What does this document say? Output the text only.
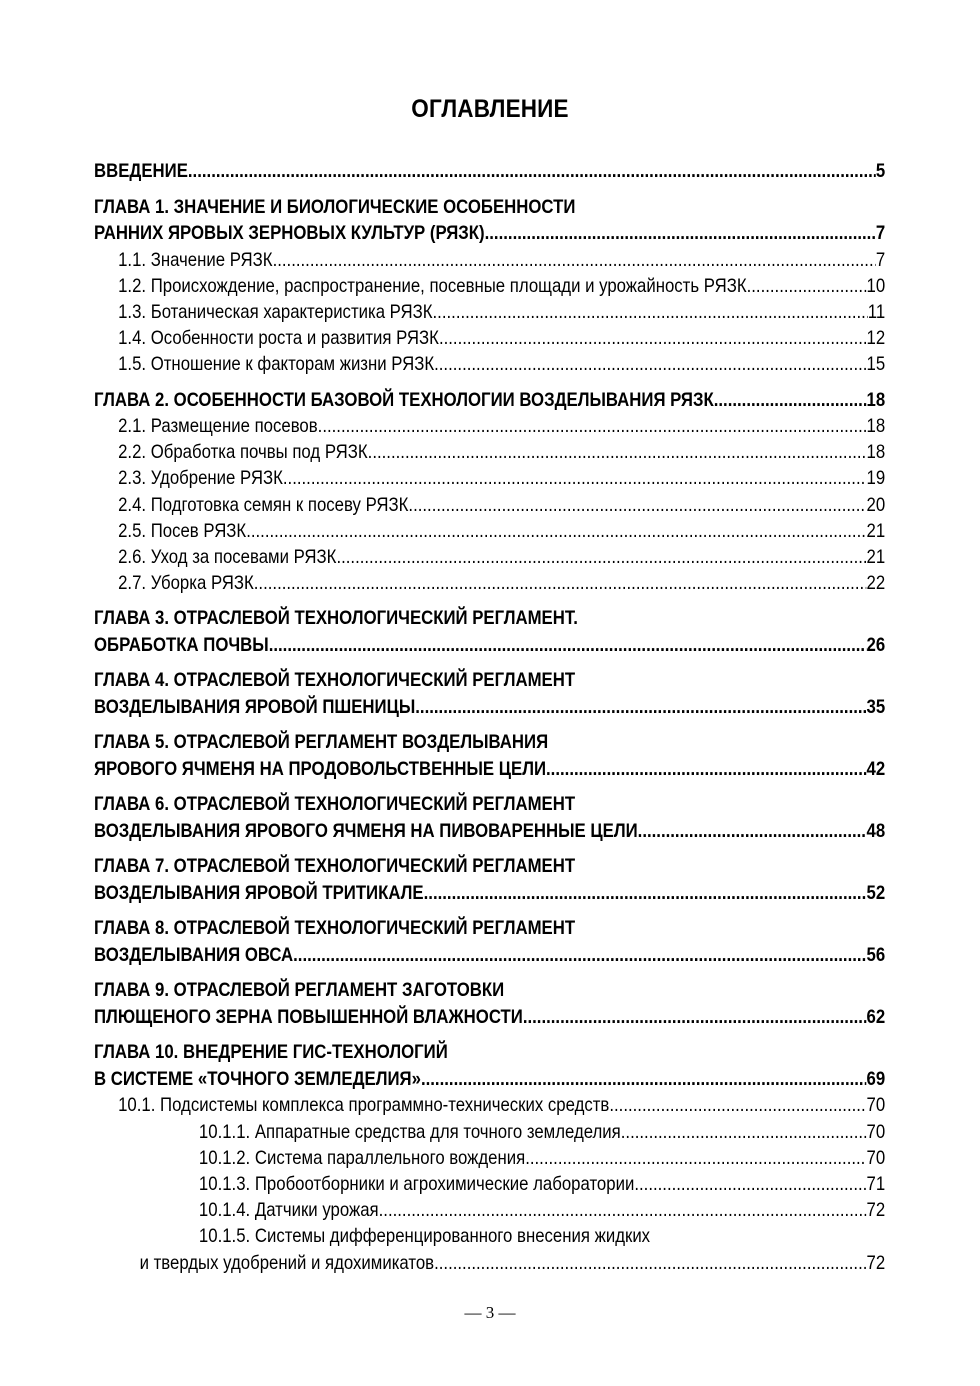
ОГЛАВЛЕНИЕ
ВВЕДЕНИЕ .....	5
ГЛАВА 1. ЗНАЧЕНИЕ И БИОЛОГИЧЕСКИЕ ОСОБЕННОСТИ
РАННИХ ЯРОВЫХ ЗЕРНОВЫХ КУЛЬТУР (РЯЗК) .....	7
1.1. Значение РЯЗК .....	7
1.2. Происхождение, распространение, посевные площади и урожайность РЯЗК .....	10
1.3. Ботаническая характеристика РЯЗК .....	11
1.4. Особенности роста и развития РЯЗК .....	12
1.5. Отношение к факторам жизни РЯЗК .....	15
ГЛАВА 2. ОСОБЕННОСТИ БАЗОВОЙ ТЕХНОЛОГИИ ВОЗДЕЛЫВАНИЯ РЯЗК .....	18
2.1. Размещение посевов .....	18
2.2. Обработка почвы под РЯЗК .....	18
2.3. Удобрение РЯЗК .....	19
2.4. Подготовка семян к посеву РЯЗК .....	20
2.5. Посев РЯЗК .....	21
2.6. Уход за посевами РЯЗК .....	21
2.7. Уборка РЯЗК .....	22
ГЛАВА 3. ОТРАСЛЕВОЙ ТЕХНОЛОГИЧЕСКИЙ РЕГЛАМЕНТ.
ОБРАБОТКА ПОЧВЫ .....	26
ГЛАВА 4. ОТРАСЛЕВОЙ ТЕХНОЛОГИЧЕСКИЙ РЕГЛАМЕНТ
ВОЗДЕЛЫВАНИЯ ЯРОВОЙ ПШЕНИЦЫ .....	35
ГЛАВА 5. ОТРАСЛЕВОЙ РЕГЛАМЕНТ ВОЗДЕЛЫВАНИЯ
ЯРОВОГО ЯЧМЕНЯ НА ПРОДОВОЛЬСТВЕННЫЕ ЦЕЛИ .....	42
ГЛАВА 6. ОТРАСЛЕВОЙ ТЕХНОЛОГИЧЕСКИЙ РЕГЛАМЕНТ
ВОЗДЕЛЫВАНИЯ ЯРОВОГО ЯЧМЕНЯ НА ПИВОВАРЕННЫЕ ЦЕЛИ .....	48
ГЛАВА 7. ОТРАСЛЕВОЙ ТЕХНОЛОГИЧЕСКИЙ РЕГЛАМЕНТ
ВОЗДЕЛЫВАНИЯ ЯРОВОЙ ТРИТИКАЛЕ .....	52
ГЛАВА 8. ОТРАСЛЕВОЙ ТЕХНОЛОГИЧЕСКИЙ РЕГЛАМЕНТ
ВОЗДЕЛЫВАНИЯ ОВСА .....	56
ГЛАВА 9. ОТРАСЛЕВОЙ РЕГЛАМЕНТ ЗАГОТОВКИ
ПЛЮЩЕНОГО ЗЕРНА ПОВЫШЕННОЙ ВЛАЖНОСТИ .....	62
ГЛАВА 10. ВНЕДРЕНИЕ ГИС-ТЕХНОЛОГИЙ
В СИСТЕМЕ «ТОЧНОГО ЗЕМЛЕДЕЛИЯ» .....	69
10.1. Подсистемы комплекса программно-технических средств .....	70
10.1.1. Аппаратные средства для точного земледелия .....	70
10.1.2. Система параллельного вождения .....	70
10.1.3. Пробоотборники и агрохимические лаборатории .....	71
10.1.4. Датчики урожая .....	72
10.1.5. Системы дифференцированного внесения жидких
и твердых удобрений и ядохимикатов .....	72
— 3 —
